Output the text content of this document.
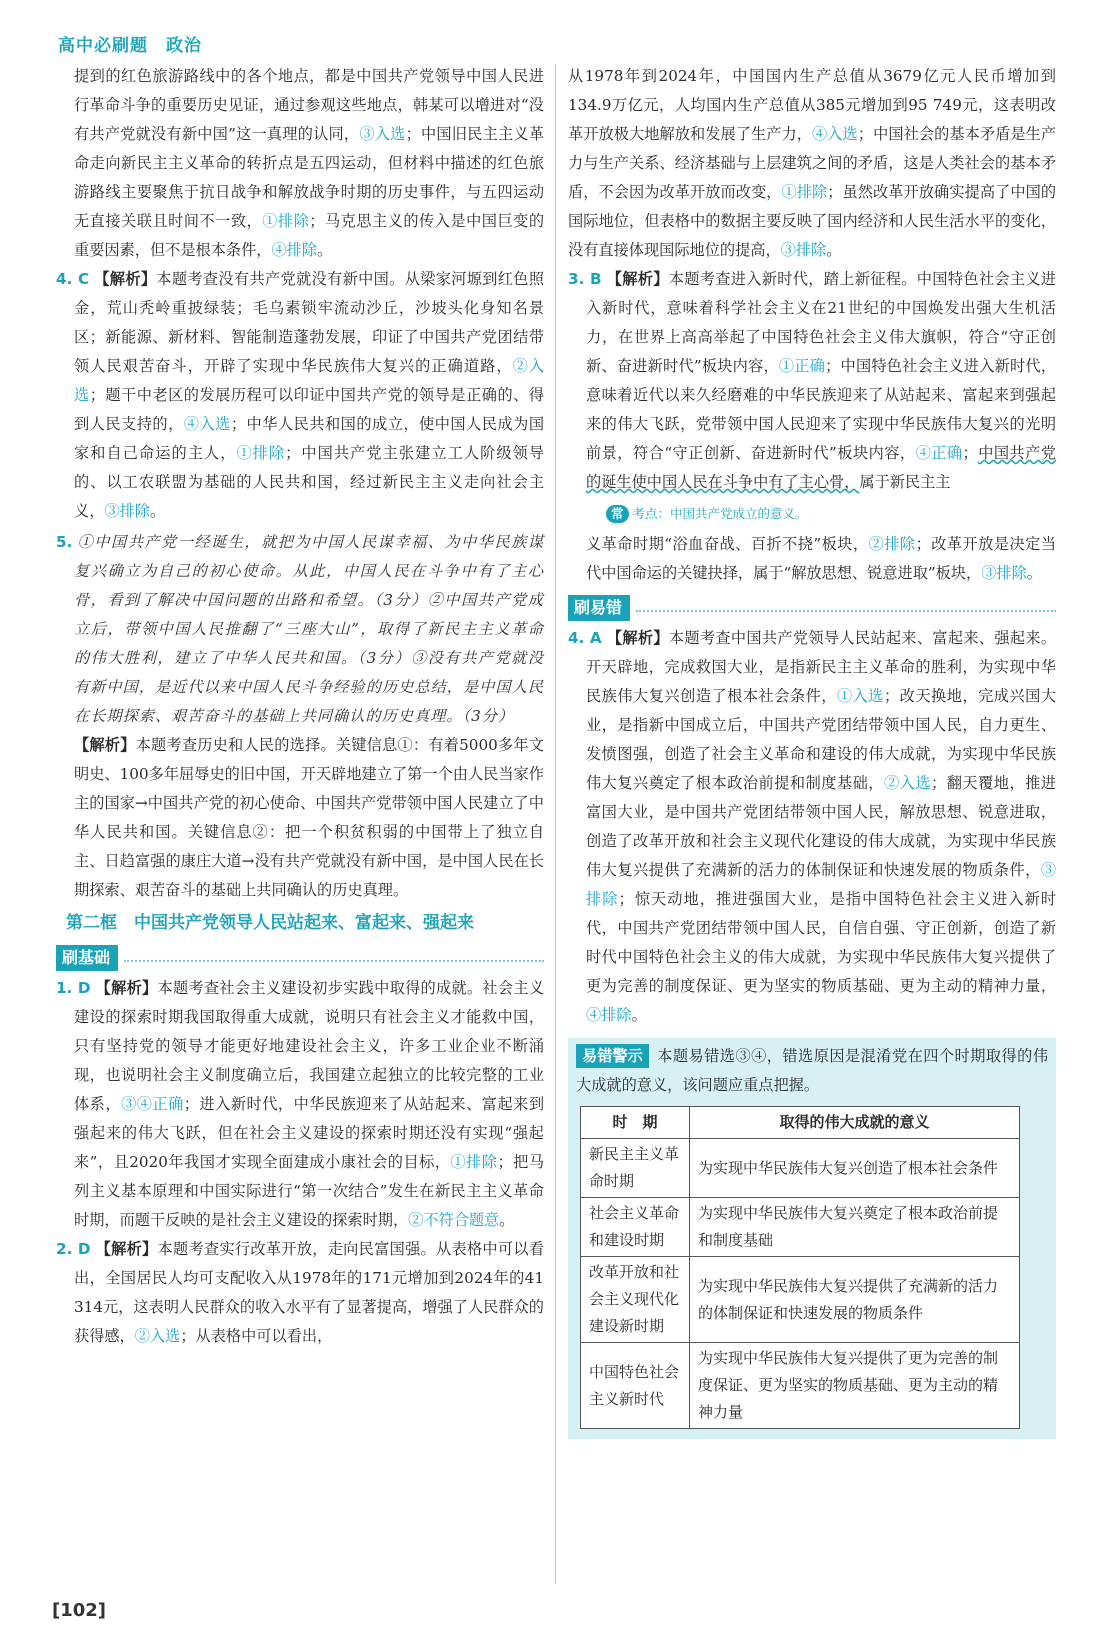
高中必刷题　政治

提到的红色旅游路线中的各个地点，都是中国共产党领导中国人民进行革命斗争的重要历史见证，通过参观这些地点，韩某可以增进对“没有共产党就没有新中国”这一真理的认同，③入选；中国旧民主主义革命走向新民主主义革命的转折点是五四运动，但材料中描述的红色旅游路线主要聚焦于抗日战争和解放战争时期的历史事件，与五四运动无直接关联且时间不一致，①排除；马克思主义的传入是中国巨变的重要因素，但不是根本条件，④排除。

4. C 【解析】本题考查没有共产党就没有新中国。从梁家河塬到红色照金，荒山秃岭重披绿装；毛乌素锁牢流动沙丘，沙坡头化身知名景区；新能源、新材料、智能制造蓬勃发展，印证了中国共产党团结带领人民艰苦奋斗，开辟了实现中华民族伟大复兴的正确道路，②入选；题干中老区的发展历程可以印证中国共产党的领导是正确的、得到人民支持的，④入选；中华人民共和国的成立，使中国人民成为国家和自己命运的主人，①排除；中国共产党主张建立工人阶级领导的、以工农联盟为基础的人民共和国，经过新民主主义走向社会主义，③排除。

5. ①中国共产党一经诞生，就把为中国人民谋幸福、为中华民族谋复兴确立为自己的初心使命。从此，中国人民在斗争中有了主心骨，看到了解决中国问题的出路和希望。（3分）②中国共产党成立后，带领中国人民推翻了“三座大山”，取得了新民主主义革命的伟大胜利，建立了中华人民共和国。（3分）③没有共产党就没有新中国，是近代以来中国人民斗争经验的历史总结，是中国人民在长期探索、艰苦奋斗的基础上共同确认的历史真理。（3分）

【解析】本题考查历史和人民的选择。关键信息①：有着5000多年文明史、100多年屈辱史的旧中国，开天辟地建立了第一个由人民当家作主的国家→中国共产党的初心使命、中国共产党带领中国人民建立了中华人民共和国。关键信息②：把一个积贫积弱的中国带上了独立自主、日趋富强的康庄大道→没有共产党就没有新中国，是中国人民在长期探索、艰苦奋斗的基础上共同确认的历史真理。

第二框　中国共产党领导人民站起来、富起来、强起来
刷基础

1. D 【解析】本题考查社会主义建设初步实践中取得的成就。社会主义建设的探索时期我国取得重大成就，说明只有社会主义才能救中国，只有坚持党的领导才能更好地建设社会主义，许多工业企业不断涌现，也说明社会主义制度确立后，我国建立起独立的比较完整的工业体系，③④正确；进入新时代，中华民族迎来了从站起来、富起来到强起来的伟大飞跃，但在社会主义建设的探索时期还没有实现“强起来”，且2020年我国才实现全面建成小康社会的目标，①排除；把马列主义基本原理和中国实际进行“第一次结合”发生在新民主主义革命时期，而题干反映的是社会主义建设的探索时期，②不符合题意。

2. D 【解析】本题考查实行改革开放，走向民富国强。从表格中可以看出，全国居民人均可支配收入从1978年的171元增加到2024年的41 314元，这表明人民群众的收入水平有了显著提高，增强了人民群众的获得感，②入选；从表格中可以看出，

从1978年到2024年，中国国内生产总值从3679亿元人民币增加到134.9万亿元，人均国内生产总值从385元增加到95 749元，这表明改革开放极大地解放和发展了生产力，④入选；中国社会的基本矛盾是生产力与生产关系、经济基础与上层建筑之间的矛盾，这是人类社会的基本矛盾，不会因为改革开放而改变，①排除；虽然改革开放确实提高了中国的国际地位，但表格中的数据主要反映了国内经济和人民生活水平的变化，没有直接体现国际地位的提高，③排除。

3. B 【解析】本题考查进入新时代，踏上新征程。中国特色社会主义进入新时代，意味着科学社会主义在21世纪的中国焕发出强大生机活力，在世界上高高举起了中国特色社会主义伟大旗帜，符合“守正创新、奋进新时代”板块内容，①正确；中国特色社会主义进入新时代，意味着近代以来久经磨难的中华民族迎来了从站起来、富起来到强起来的伟大飞跃，党带领中国人民迎来了实现中华民族伟大复兴的光明前景，符合“守正创新、奋进新时代”板块内容，④正确；中国共产党的诞生使中国人民在斗争中有了主心骨，属于新民主主

常 考点：中国共产党成立的意义。

义革命时期“浴血奋战、百折不挠”板块，②排除；改革开放是决定当代中国命运的关键抉择，属于“解放思想、锐意进取”板块，③排除。

刷易错

4. A 【解析】本题考查中国共产党领导人民站起来、富起来、强起来。开天辟地，完成救国大业，是指新民主主义革命的胜利，为实现中华民族伟大复兴创造了根本社会条件，①入选；改天换地，完成兴国大业，是指新中国成立后，中国共产党团结带领中国人民，自力更生、发愤图强，创造了社会主义革命和建设的伟大成就，为实现中华民族伟大复兴奠定了根本政治前提和制度基础，②入选；翻天覆地，推进富国大业，是中国共产党团结带领中国人民，解放思想、锐意进取，创造了改革开放和社会主义现代化建设的伟大成就，为实现中华民族伟大复兴提供了充满新的活力的体制保证和快速发展的物质条件，③排除；惊天动地，推进强国大业，是指中国特色社会主义进入新时代，中国共产党团结带领中国人民，自信自强、守正创新，创造了新时代中国特色社会主义的伟大成就，为实现中华民族伟大复兴提供了更为完善的制度保证、更为坚实的物质基础、更为主动的精神力量，④排除。

易错警示 本题易错选③④，错选原因是混淆党在四个时期取得的伟大成就的意义，该问题应重点把握。

时　期	取得的伟大成就的意义
新民主主义革命时期	为实现中华民族伟大复兴创造了根本社会条件
社会主义革命和建设时期	为实现中华民族伟大复兴奠定了根本政治前提和制度基础
改革开放和社会主义现代化建设新时期	为实现中华民族伟大复兴提供了充满新的活力的体制保证和快速发展的物质条件
中国特色社会主义新时代	为实现中华民族伟大复兴提供了更为完善的制度保证、更为坚实的物质基础、更为主动的精神力量
[102]
